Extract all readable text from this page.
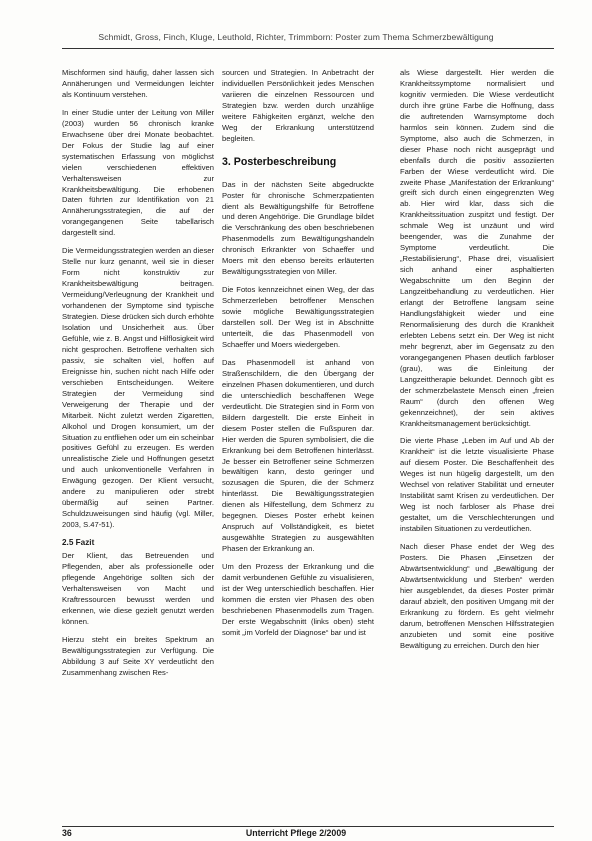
Schmidt, Gross, Finch, Kluge, Leuthold, Richter, Trimmborn: Poster zum Thema Schmerzbewältigung

Mischformen sind häufig, daher lassen sich Annäherungen und Vermeidungen leichter als Kontinuum verstehen.

In einer Studie unter der Leitung von Miller (2003) wurden 56 chronisch kranke Erwachsene über drei Monate beobachtet. Der Fokus der Studie lag auf einer systematischen Erfassung von möglichst vielen verschiedenen effektiven Verhaltensweisen zur Krankheitsbewältigung. Die erhobenen Daten führten zur Identifikation von 21 Annäherungsstrategien, die auf der vorangegangenen Seite tabellarisch dargestellt sind.

Die Vermeidungsstrategien werden an dieser Stelle nur kurz genannt, weil sie in dieser Form nicht konstruktiv zur Krankheitsbewältigung beitragen. Vermeidung/Verleugnung der Krankheit und vorhandenen der Symptome sind typische Strategien. Diese drücken sich durch erhöhte Isolation und Unsicherheit aus. Über Gefühle, wie z. B. Angst und Hilflosigkeit wird nicht gesprochen. Betroffene verhalten sich passiv, sie schalten viel, hoffen auf Ereignisse hin, suchen nicht nach Hilfe oder verschieben Entscheidungen. Weitere Strategien der Vermeidung sind Verweigerung der Therapie und der Mitarbeit. Nicht zuletzt werden Zigaretten, Alkohol und Drogen konsumiert, um der Situation zu entfliehen oder um ein scheinbar positives Gefühl zu erzeugen. Es werden unrealistische Ziele und Hoffnungen gesetzt und auch unkonventionelle Verfahren in Erwägung gezogen. Der Klient versucht, andere zu manipulieren oder strebt übermäßig auf seinen Partner. Schuldzuweisungen sind häufig (vgl. Miller, 2003, S.47-51).

2.5 Fazit

Der Klient, das Betreuenden und Pflegenden, aber als professionelle oder pflegende Angehörige sollten sich der Verhaltensweisen von Macht und Kraftressourcen bewusst werden und erkennen, wie diese gezielt genutzt werden können.

Hierzu steht ein breites Spektrum an Bewältigungsstrategien zur Verfügung. Die Abbildung 3 auf Seite XY verdeutlicht den Zusammenhang zwischen Res-

sourcen und Strategien. In Anbetracht der individuellen Persönlichkeit jedes Menschen variieren die einzelnen Ressourcen und Strategien bzw. werden durch unzählige weitere Fähigkeiten ergänzt, welche den Weg der Erkrankung unterstützend begleiten.

3. Posterbeschreibung

Das in der nächsten Seite abgedruckte Poster für chronische Schmerzpatienten dient als Bewältigungshilfe für Betroffene und deren Angehörige. Die Grundlage bildet die Verschränkung des oben beschriebenen Phasenmodells zum Bewältigungshandeln chronisch Erkrankter von Schaeffer und Moers mit den ebenso bereits erläuterten Bewältigungsstrategien von Miller.

Die Fotos kennzeichnet einen Weg, der das Schmerzerleben betroffener Menschen sowie mögliche Bewältigungsstrategien darstellen soll. Der Weg ist in Abschnitte unterteilt, die das Phasenmodell von Schaeffer und Moers wiedergeben.

Das Phasenmodell ist anhand von Straßenschildern, die den Übergang der einzelnen Phasen dokumentieren, und durch die unterschiedlich beschaffenen Wege verdeutlicht. Die Strategien sind in Form von Bildern dargestellt. Die erste Einheit in diesem Poster stellen die Fußspuren dar. Hier werden die Spuren symbolisiert, die die Erkrankung bei dem Betroffenen hinterlässt. Je besser ein Betroffener seine Schmerzen bewältigen kann, desto geringer und sozusagen die Spuren, die der Schmerz hinterlässt. Die Bewältigungsstrategien dienen als Hilfestellung, dem Schmerz zu begegnen. Dieses Poster erhebt keinen Anspruch auf Vollständigkeit, es bietet ausgewählte Strategien zu ausgewählten Phasen der Erkrankung an.

Um den Prozess der Erkrankung und die damit verbundenen Gefühle zu visualisieren, ist der Weg unterschiedlich beschaffen. Hier kommen die ersten vier Phasen des oben beschriebenen Phasenmodells zum Tragen. Der erste Wegabschnitt (links oben) steht somit „im Vorfeld der Diagnose“ bar und ist

als Wiese dargestellt. Hier werden die Krankheitssymptome normalisiert und kognitiv vermieden. Die Wiese verdeutlicht durch ihre grüne Farbe die Hoffnung, dass die auftretenden Warnsymptome doch harmlos sein können. Zudem sind die Symptome, also auch die Schmerzen, in dieser Phase noch nicht ausgeprägt und ebenfalls durch die positiv assoziierten Farben der Wiese verdeutlicht wird. Die zweite Phase „Manifestation der Erkrankung“ greift sich durch einen eingegrenzten Weg ab. Hier wird klar, dass sich die Krankheitssituation zuspitzt und festigt. Der schmale Weg ist unzäunt und wird beengender, was die Zunahme der Symptome verdeutlicht. Die „Restabilisierung“, Phase drei, visualisiert sich anhand einer asphaltierten Wegabschnitte um den Beginn der Langzeitbehandlung zu verdeutlichen. Hier erlangt der Betroffene langsam seine Handlungsfähigkeit wieder und eine Renormalisierung des durch die Krankheit erlebten Lebens setzt ein. Der Weg ist nicht mehr begrenzt, aber im Gegensatz zu den vorangegangenen Phasen deutlich farbloser (grau), was die Einleitung der Langzeittherapie bekundet. Dennoch gibt es der schmerzbelastete Mensch einen „freien Raum“ (durch den offenen Weg gekennzeichnet), der sein aktives Krankheitsmanagement berücksichtigt.

Die vierte Phase „Leben im Auf und Ab der Krankheit“ ist die letzte visualisierte Phase auf diesem Poster. Die Beschaffenheit des Weges ist nun hügelig dargestellt, um den Wechsel von relativer Stabilität und erneuter Instabilität samt Krisen zu verdeutlichen. Der Weg ist noch farbloser als Phase drei gestaltet, um die Verschlechterungen und instabilen Situationen zu verdeutlichen.

Nach dieser Phase endet der Weg des Posters. Die Phasen „Einsetzen der Abwärtsentwicklung“ und „Bewältigung der Abwärtsentwicklung und Sterben“ werden hier ausgeblendet, da dieses Poster primär darauf abzielt, den positiven Umgang mit der Erkrankung zu fördern. Es geht vielmehr darum, betroffenen Menschen Hilfsstrategien anzubieten und somit eine positive Bewältigung zu erreichen. Durch den hier

36	Unterricht Pflege 2/2009
